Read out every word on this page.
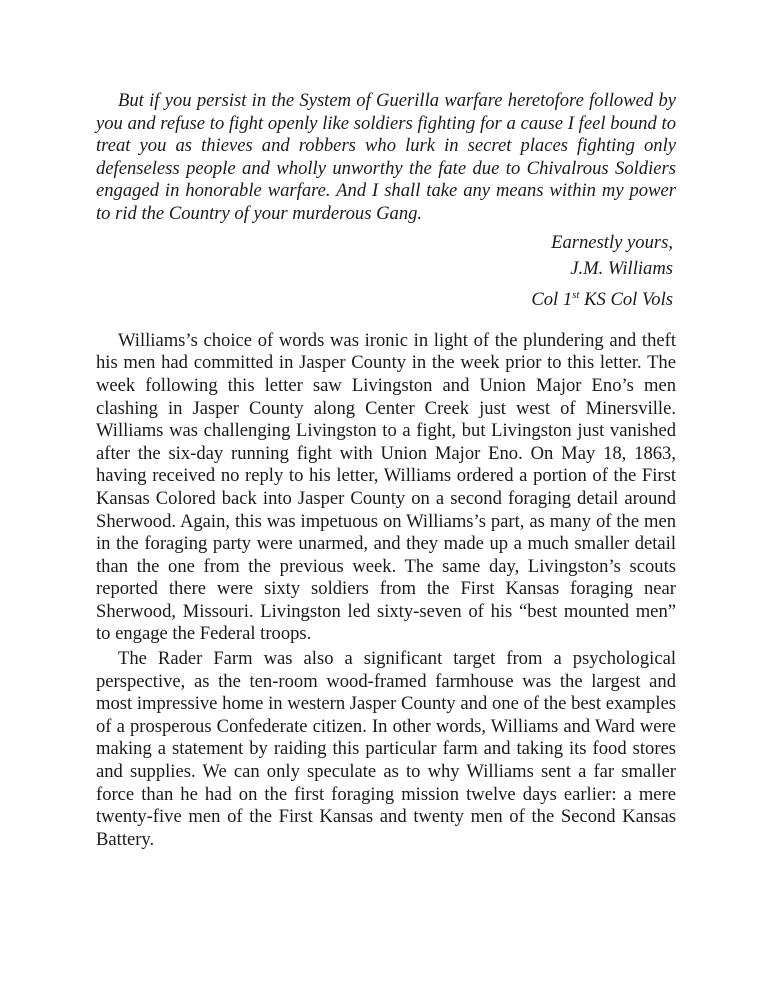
But if you persist in the System of Guerilla warfare heretofore followed by you and refuse to fight openly like soldiers fighting for a cause I feel bound to treat you as thieves and robbers who lurk in secret places fighting only defenseless people and wholly unworthy the fate due to Chivalrous Soldiers engaged in honorable warfare. And I shall take any means within my power to rid the Country of your murderous Gang.

Earnestly yours,
J.M. Williams
Col 1st KS Col Vols

Williams’s choice of words was ironic in light of the plundering and theft his men had committed in Jasper County in the week prior to this letter. The week following this letter saw Livingston and Union Major Eno’s men clashing in Jasper County along Center Creek just west of Minersville. Williams was challenging Livingston to a fight, but Livingston just vanished after the six-day running fight with Union Major Eno. On May 18, 1863, having received no reply to his letter, Williams ordered a portion of the First Kansas Colored back into Jasper County on a second foraging detail around Sherwood. Again, this was impetuous on Williams’s part, as many of the men in the foraging party were unarmed, and they made up a much smaller detail than the one from the previous week. The same day, Livingston’s scouts reported there were sixty soldiers from the First Kansas foraging near Sherwood, Missouri. Livingston led sixty-seven of his “best mounted men” to engage the Federal troops.

The Rader Farm was also a significant target from a psychological perspective, as the ten-room wood-framed farmhouse was the largest and most impressive home in western Jasper County and one of the best examples of a prosperous Confederate citizen. In other words, Williams and Ward were making a statement by raiding this particular farm and taking its food stores and supplies. We can only speculate as to why Williams sent a far smaller force than he had on the first foraging mission twelve days earlier: a mere twenty-five men of the First Kansas and twenty men of the Second Kansas Battery.
